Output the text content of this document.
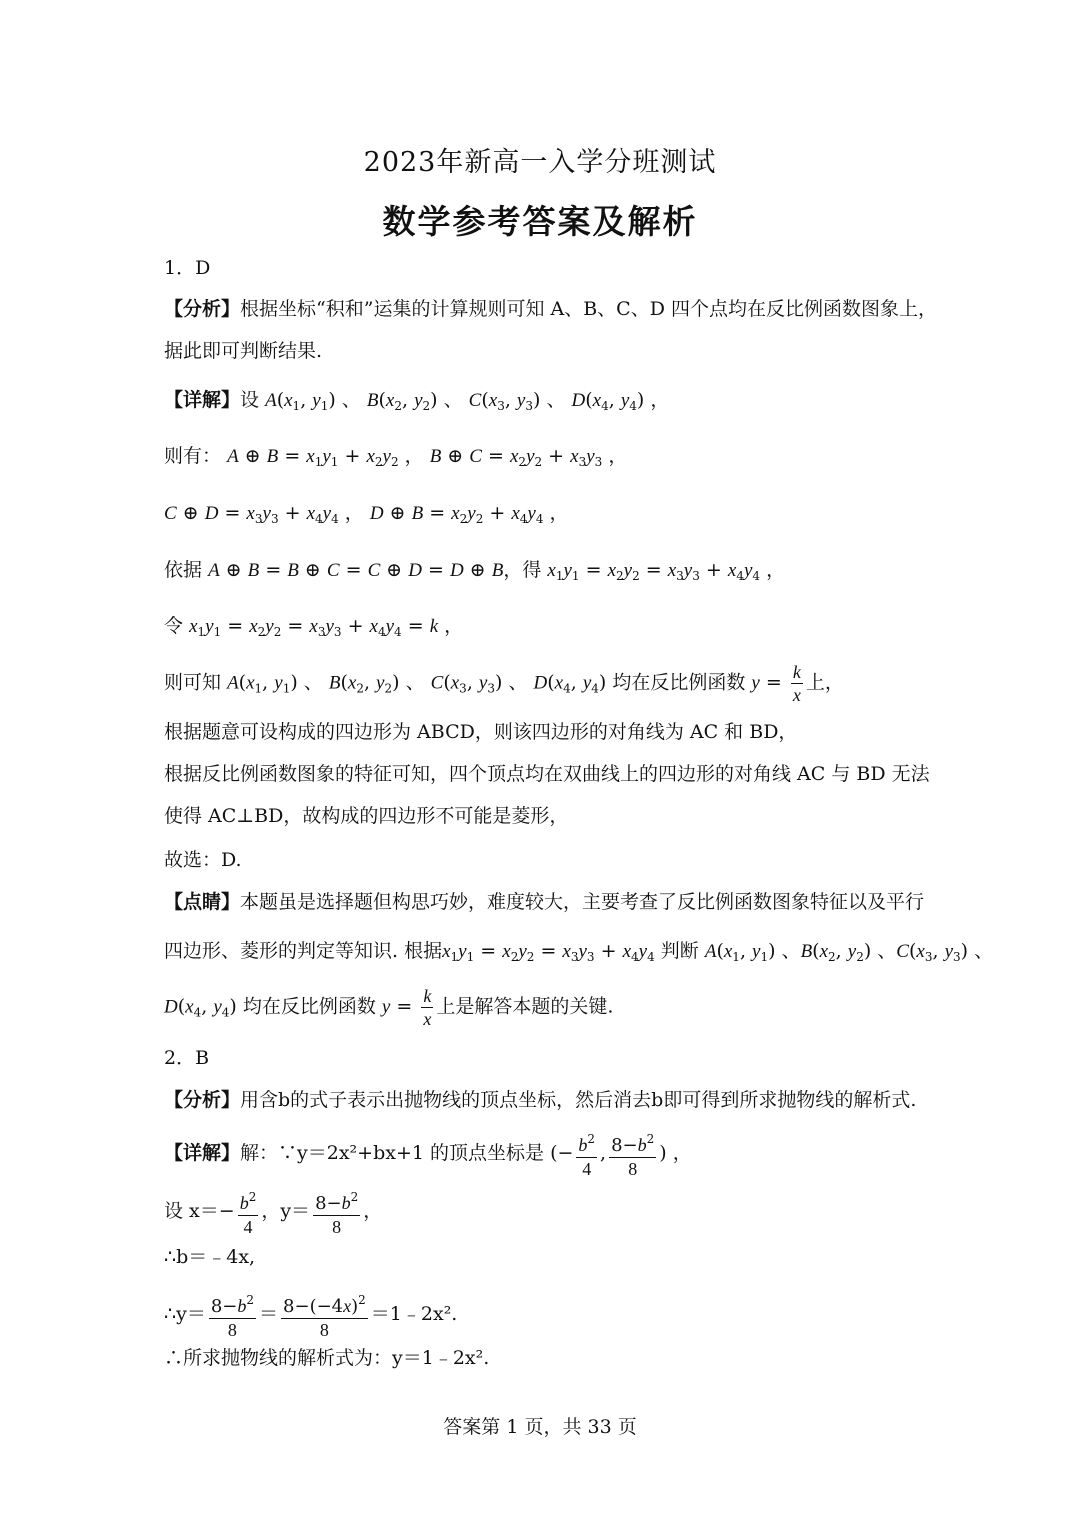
2023年新高一入学分班测试
数学参考答案及解析
1．D
【分析】根据坐标“积和”运集的计算规则可知 A、B、C、D 四个点均在反比例函数图象上，
据此即可判断结果.
【详解】设 $A(x_1$, $y_1$) 、 $B(x_2$, $y_2$) 、 $C(x_3$, $y_3$) 、 $D(x_4$, $y_4$) ，
则有： A ⊕ $B = x_1y_1 + x_2y_2$ ， B ⊕ $C = x_2y_2 + x_3y_3$ ，
C ⊕ $D = x_3y_3 + x_4y_4$ ， D ⊕ $B = x_2y_2 + x_4y_4$ ，
依据 A ⊕ B = B ⊕ C = C ⊕ D = D ⊕ B，得 $x_1y_1 = x_2y_2 = x_3y_3 + x_4y_4$ ，
令 $x_1y_1 = x_2y_2 = x_3y_3 + x_4y_4 = k$ ，
则可知 $A(x_1$, $y_1$) 、 $B(x_2$, $y_2$) 、 $C(x_3$, $y_3$) 、 $D(x_4$, $y_4$) 均在反比例函数 $y = \frac{k}{x}$ 上，
根据题意可设构成的四边形为 ABCD，则该四边形的对角线为 AC 和 BD，
根据反比例函数图象的特征可知，四个顶点均在双曲线上的四边形的对角线 AC 与 BD 无法
使得 AC⊥BD，故构成的四边形不可能是菱形，
故选：D.
【点睛】本题虽是选择题但构思巧妙，难度较大，主要考查了反比例函数图象特征以及平行
四边形、菱形的判定等知识. 根据$x_1y_1 = x_2y_2 = x_3y_3 + x_4y_4$ 判断 $A(x_1$, $y_1$) 、$B(x_2$, $y_2$) 、$C(x_3$, $y_3$) 、
$D(x_4$, $y_4$) 均在反比例函数 $y = \frac{k}{x}$ 上是解答本题的关键.
2．B
【分析】用含b的式子表示出抛物线的顶点坐标，然后消去b即可得到所求抛物线的解析式.
【详解】解：∵y＝2x²+bx+1 的顶点坐标是 (− $\frac{b^2}{4}$ , $\frac{8-b^2}{8}$ ) ，
设 $x=- \frac{b^2}{4}$ ，$y= \frac{8-b^2}{8}$ ，
∴b＝﹣4x,
∴y＝ $\frac{8-b^2}{8} = \frac{8-(-4x)^2}{8}$ ＝1﹣2x².
∴所求抛物线的解析式为：y＝1﹣2x².
答案第 1 页，共 33 页
